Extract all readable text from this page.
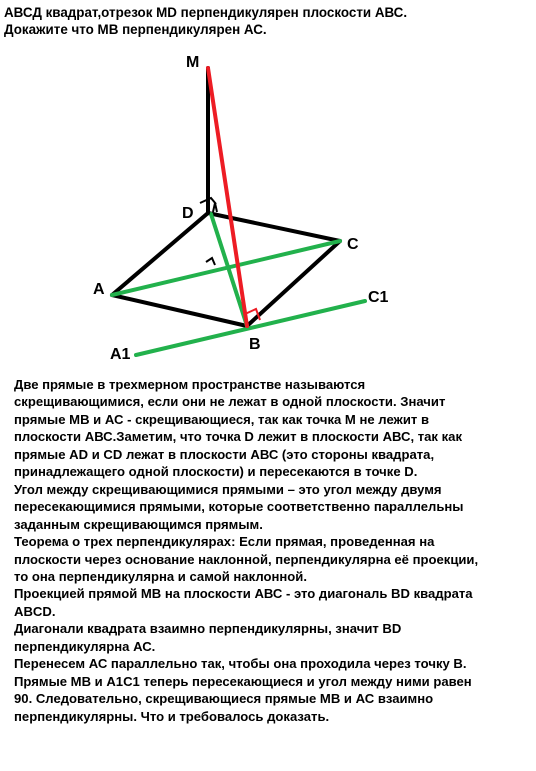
АВСД квадрат,отрезок MD перпендикулярен плоскости АВС.

Докажите что МВ перпендикулярен АС.

M
D
C
A
B
A1
C1

Две прямые в трехмерном пространстве называются

скрещивающимися, если они не лежат в одной плоскости. Значит

прямые МВ и АС - скрещивающиеся, так как точка М не лежит в

плоскости АВС.Заметим, что точка D лежит в плоскости АВС, так как

прямые AD и CD лежат в плоскости АВС (это стороны квадрата,

принадлежащего одной плоскости) и пересекаются в точке D.

Угол между скрещивающимися прямыми – это угол между двумя

пересекающимися прямыми, которые соответственно параллельны

заданным скрещивающимся прямым.

Теорема о трех перпендикулярах: Если прямая, проведенная на

плоскости через основание наклонной, перпендикулярна её проекции,

то она перпендикулярна и самой наклонной.

Проекцией прямой МВ на плоскости АВС - это диагональ BD квадрата

ABCD.

Диагонали квадрата взаимно перпендикулярны, значит BD

перпендикулярна АС.

Перенесем АС параллельно так, чтобы она проходила через точку В.

Прямые МВ и А1С1 теперь пересекающиеся и угол между ними равен

90. Следовательно, скрещивающиеся прямые МВ и АС взаимно

перпендикулярны. Что и требовалось доказать.
